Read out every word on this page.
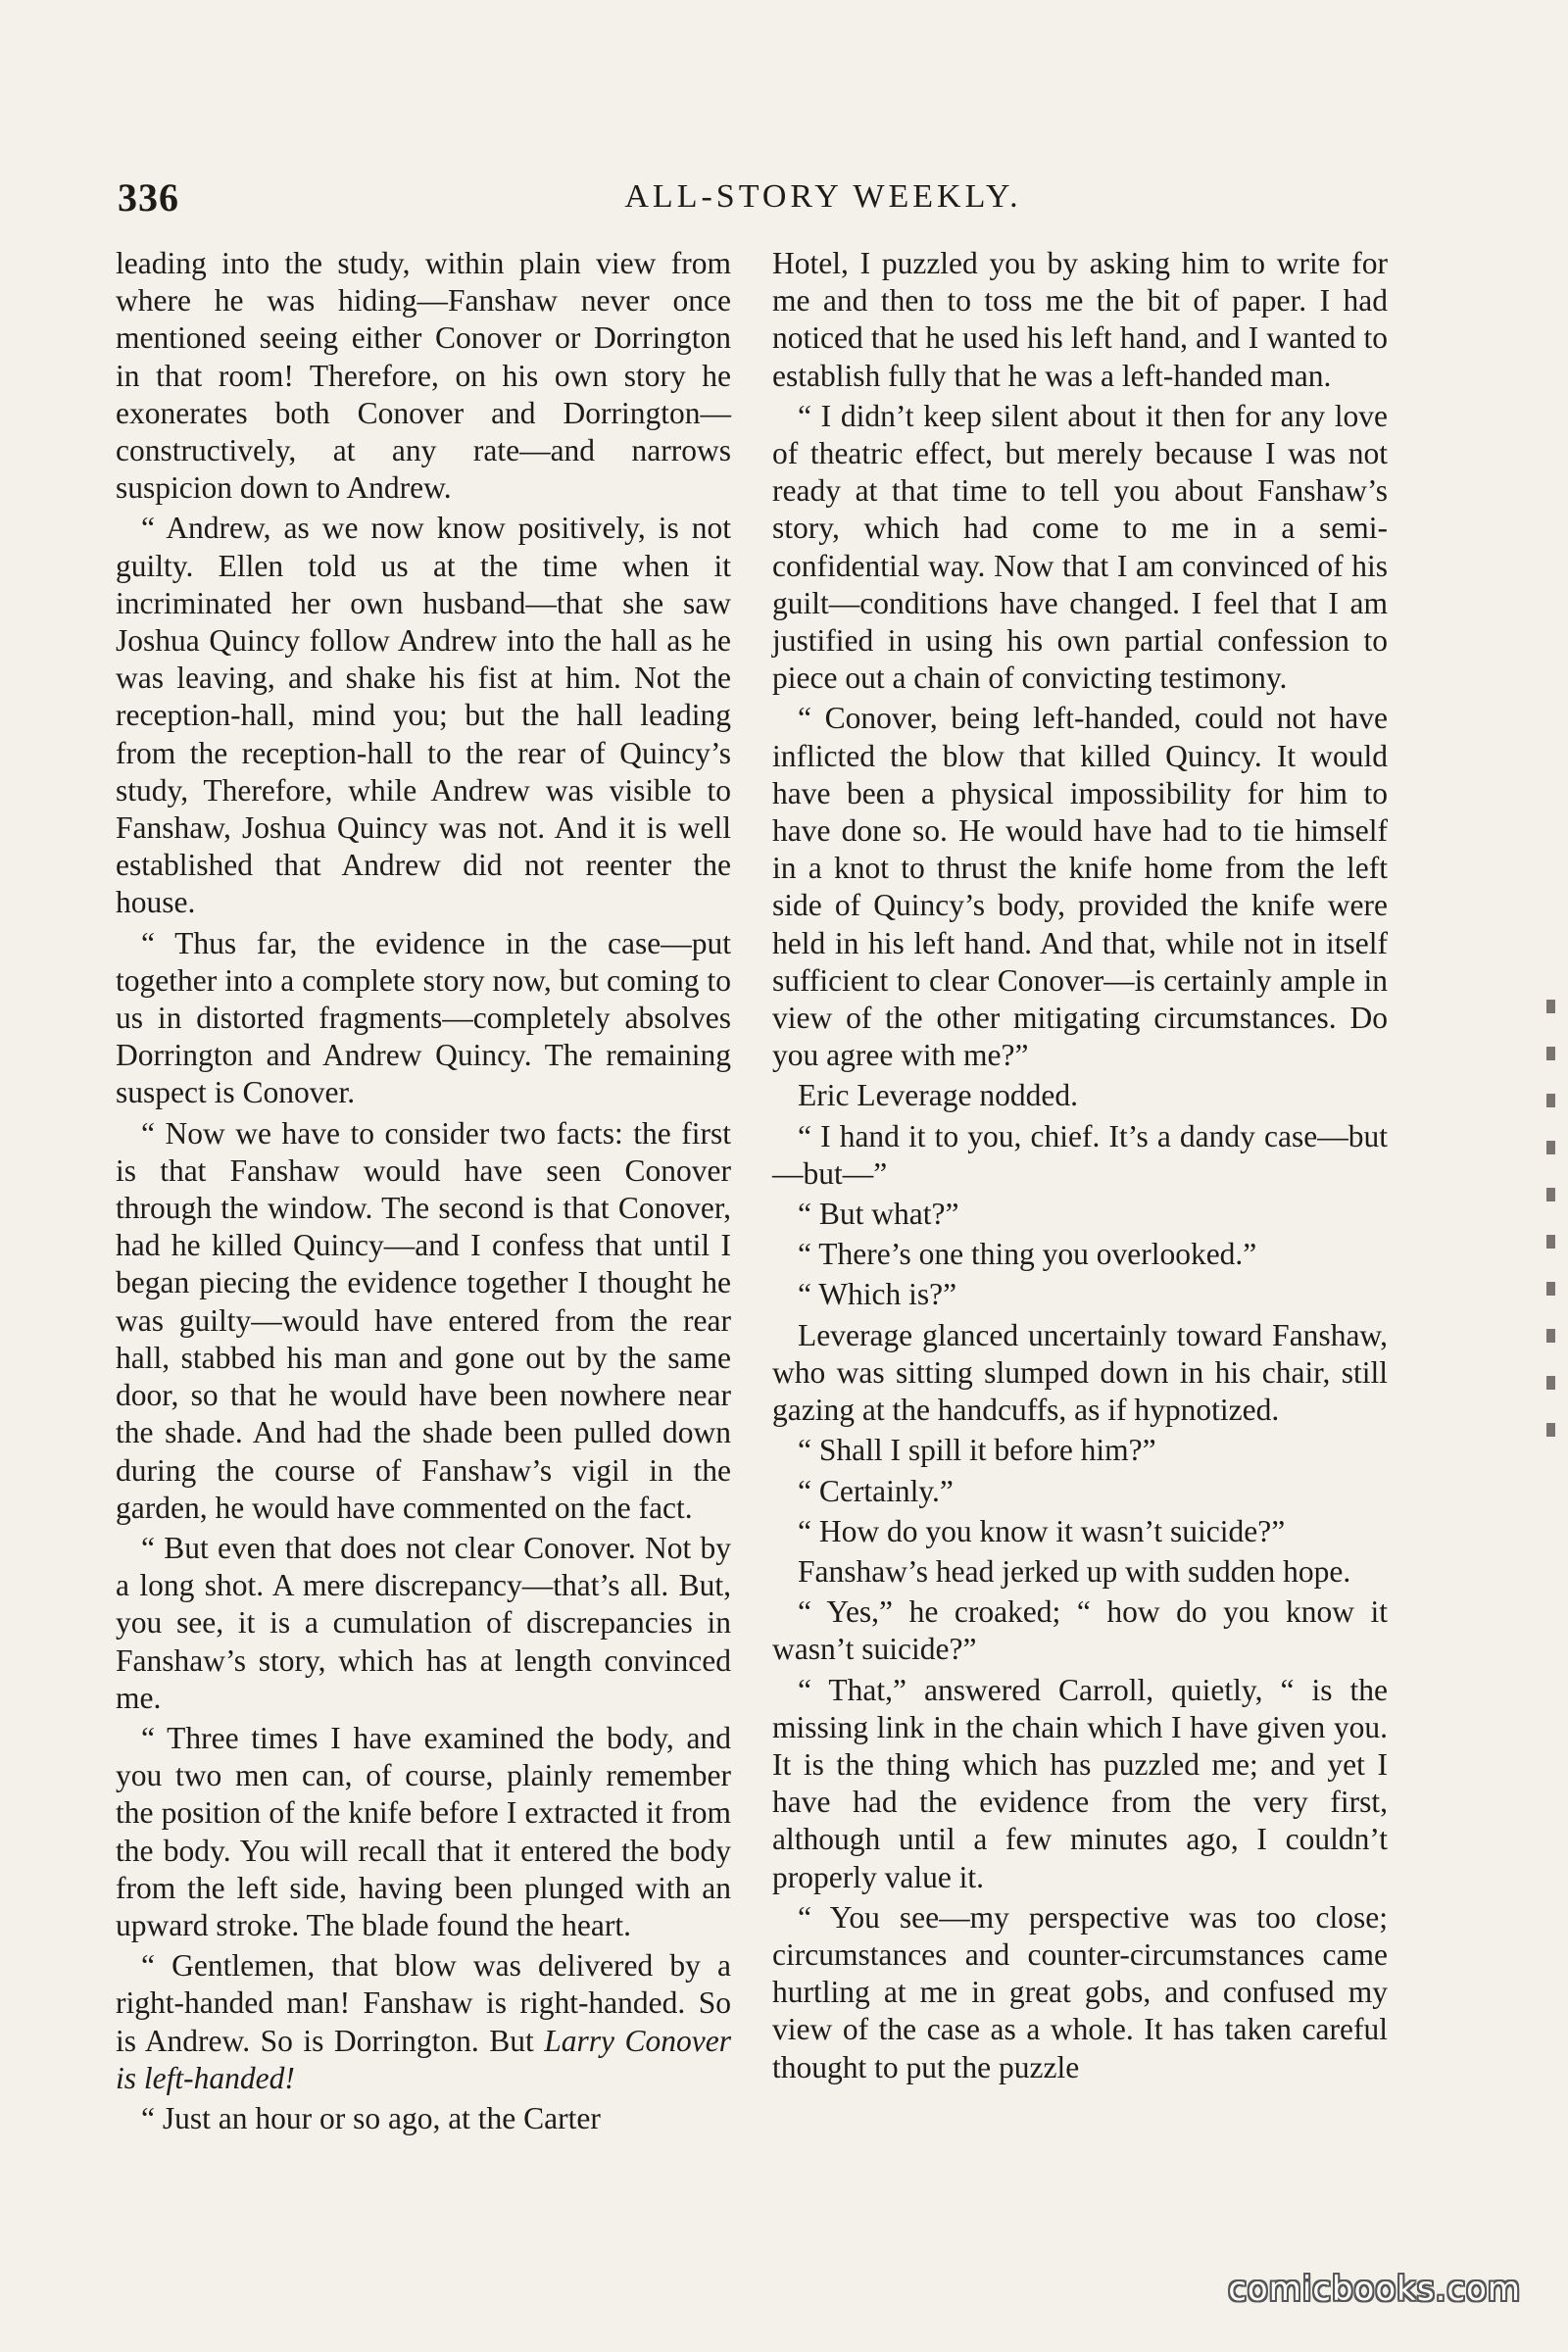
336	ALL-STORY WEEKLY.

leading into the study, within plain view from where he was hiding—Fanshaw never once mentioned seeing either Conover or Dorrington in that room! Therefore, on his own story he exonerates both Conover and Dorrington—constructively, at any rate—and narrows suspicion down to Andrew.

“ Andrew, as we now know positively, is not guilty. Ellen told us at the time when it incriminated her own husband—that she saw Joshua Quincy follow Andrew into the hall as he was leaving, and shake his fist at him. Not the reception-hall, mind you; but the hall leading from the reception-hall to the rear of Quincy’s study, Therefore, while Andrew was visible to Fanshaw, Joshua Quincy was not. And it is well established that Andrew did not reenter the house.

“ Thus far, the evidence in the case—put together into a complete story now, but coming to us in distorted fragments—completely absolves Dorrington and Andrew Quincy. The remaining suspect is Conover.

“ Now we have to consider two facts: the first is that Fanshaw would have seen Conover through the window. The second is that Conover, had he killed Quincy—and I confess that until I began piecing the evidence together I thought he was guilty—would have entered from the rear hall, stabbed his man and gone out by the same door, so that he would have been nowhere near the shade. And had the shade been pulled down during the course of Fanshaw’s vigil in the garden, he would have commented on the fact.

“ But even that does not clear Conover. Not by a long shot. A mere discrepancy—that’s all. But, you see, it is a cumulation of discrepancies in Fanshaw’s story, which has at length convinced me.

“ Three times I have examined the body, and you two men can, of course, plainly remember the position of the knife before I extracted it from the body. You will recall that it entered the body from the left side, having been plunged with an upward stroke. The blade found the heart.

“ Gentlemen, that blow was delivered by a right-handed man! Fanshaw is right-handed. So is Andrew. So is Dorrington. But Larry Conover is left-handed!

“ Just an hour or so ago, at the Carter

Hotel, I puzzled you by asking him to write for me and then to toss me the bit of paper. I had noticed that he used his left hand, and I wanted to establish fully that he was a left-handed man.

“ I didn’t keep silent about it then for any love of theatric effect, but merely because I was not ready at that time to tell you about Fanshaw’s story, which had come to me in a semi-confidential way. Now that I am convinced of his guilt—conditions have changed. I feel that I am justified in using his own partial confession to piece out a chain of convicting testimony.

“ Conover, being left-handed, could not have inflicted the blow that killed Quincy. It would have been a physical impossibility for him to have done so. He would have had to tie himself in a knot to thrust the knife home from the left side of Quincy’s body, provided the knife were held in his left hand. And that, while not in itself sufficient to clear Conover—is certainly ample in view of the other mitigating circumstances. Do you agree with me?”

Eric Leverage nodded.

“ I hand it to you, chief. It’s a dandy case—but—but—”

“ But what?”

“ There’s one thing you overlooked.”

“ Which is?”

Leverage glanced uncertainly toward Fanshaw, who was sitting slumped down in his chair, still gazing at the handcuffs, as if hypnotized.

“ Shall I spill it before him?”

“ Certainly.”

“ How do you know it wasn’t suicide?”

Fanshaw’s head jerked up with sudden hope.

“ Yes,” he croaked; “ how do you know it wasn’t suicide?”

“ That,” answered Carroll, quietly, “ is the missing link in the chain which I have given you. It is the thing which has puzzled me; and yet I have had the evidence from the very first, although until a few minutes ago, I couldn’t properly value it.

“ You see—my perspective was too close; circumstances and counter-circumstances came hurtling at me in great gobs, and confused my view of the case as a whole. It has taken careful thought to put the puzzle

comicbooks.com
